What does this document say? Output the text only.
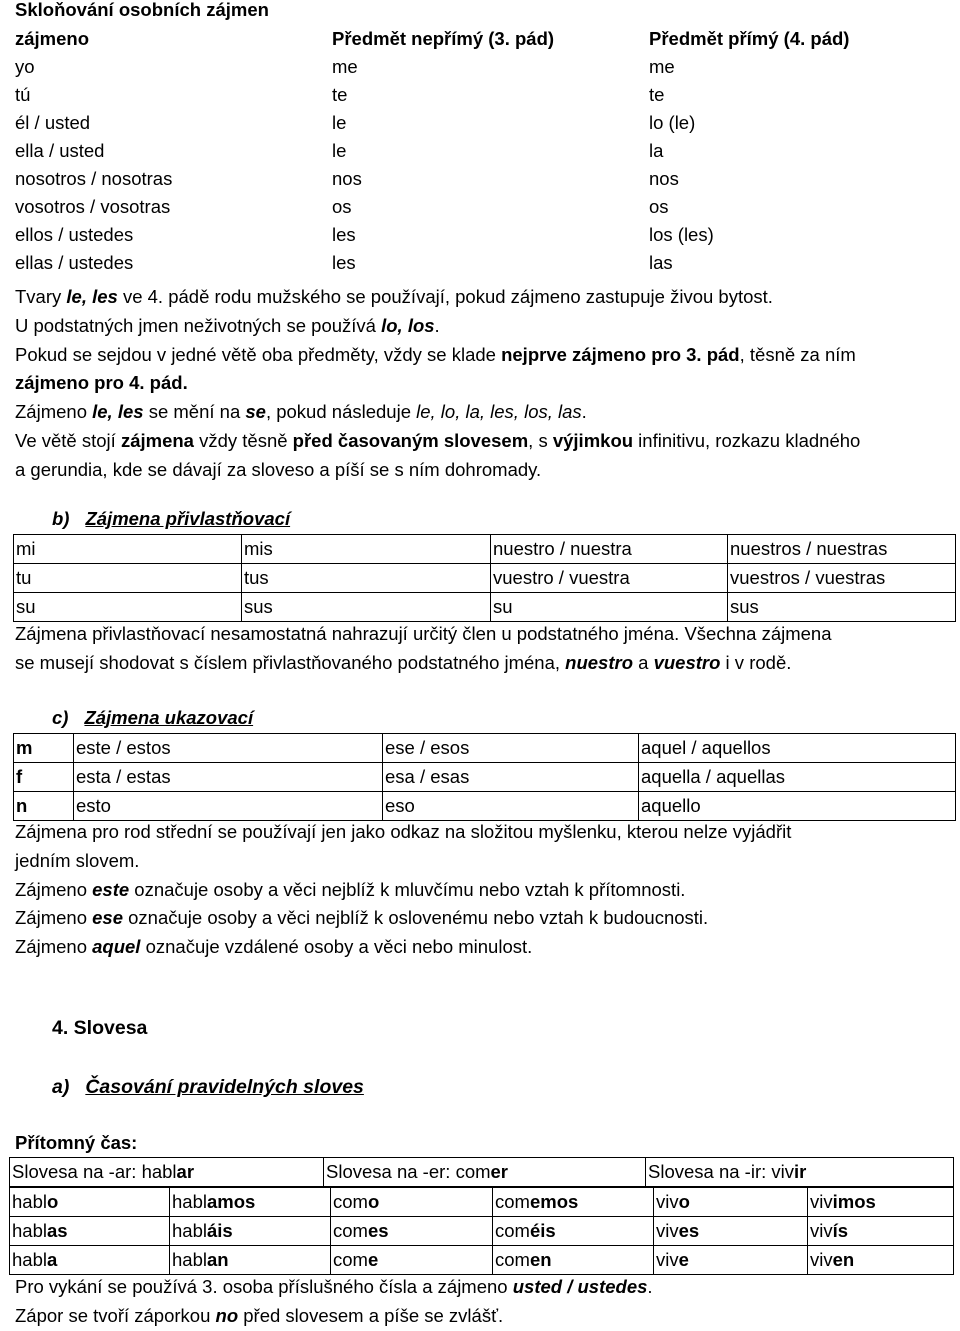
Skloňování osobních zájmen
zájmeno	Předmět nepřímý (3. pád)	Předmět přímý (4. pád)
yo	me	me
tú	te	te
él / usted	le	lo (le)
ella / usted	le	la
nosotros / nosotras	nos	nos
vosotros / vosotras	os	os
ellos / ustedes	les	los (les)
ellas / ustedes	les	las
Tvary le, les ve 4. pádě rodu mužského se používají, pokud zájmeno zastupuje živou bytost.
U podstatných jmen neživotných se používá lo, los.
Pokud se sejdou v jedné větě oba předměty, vždy se klade nejprve zájmeno pro 3. pád, těsně za ním
zájmeno pro 4. pád.
Zájmeno le, les se mění na se, pokud následuje le, lo, la, les, los, las.
Ve větě stojí zájmena vždy těsně před časovaným slovesem, s výjimkou infinitivu, rozkazu kladného
a gerundia, kde se dávají za sloveso a píší se s ním dohromady.
b) Zájmena přivlastňovací
mi	mis	nuestro / nuestra	nuestros / nuestras
tu	tus	vuestro / vuestra	vuestros / vuestras
su	sus	su	sus
Zájmena přivlastňovací nesamostatná nahrazují určitý člen u podstatného jména. Všechna zájmena
se musejí shodovat s číslem přivlastňovaného podstatného jména, nuestro a vuestro i v rodě.
c) Zájmena ukazovací
m	este / estos	ese / esos	aquel / aquellos
f	esta / estas	esa / esas	aquella / aquellas
n	esto	eso	aquello
Zájmena pro rod střední se používají jen jako odkaz na složitou myšlenku, kterou nelze vyjádřit
jedním slovem.
Zájmeno este označuje osoby a věci nejblíž k mluvčímu nebo vztah k přítomnosti.
Zájmeno ese označuje osoby a věci nejblíž k oslovenému nebo vztah k budoucnosti.
Zájmeno aquel označuje vzdálené osoby a věci nebo minulost.
4. Slovesa
a) Časování pravidelných sloves
Přítomný čas:
Slovesa na -ar: hablar	Slovesa na -er: comer	Slovesa na -ir: vivir
hablo	hablamos	como	comemos	vivo	vivimos
hablas	habláis	comes	coméis	vives	vivís
habla	hablan	come	comen	vive	viven
Pro vykání se používá 3. osoba příslušného čísla a zájmeno usted / ustedes.
Zápor se tvoří záporkou no před slovesem a píše se zvlášť.
